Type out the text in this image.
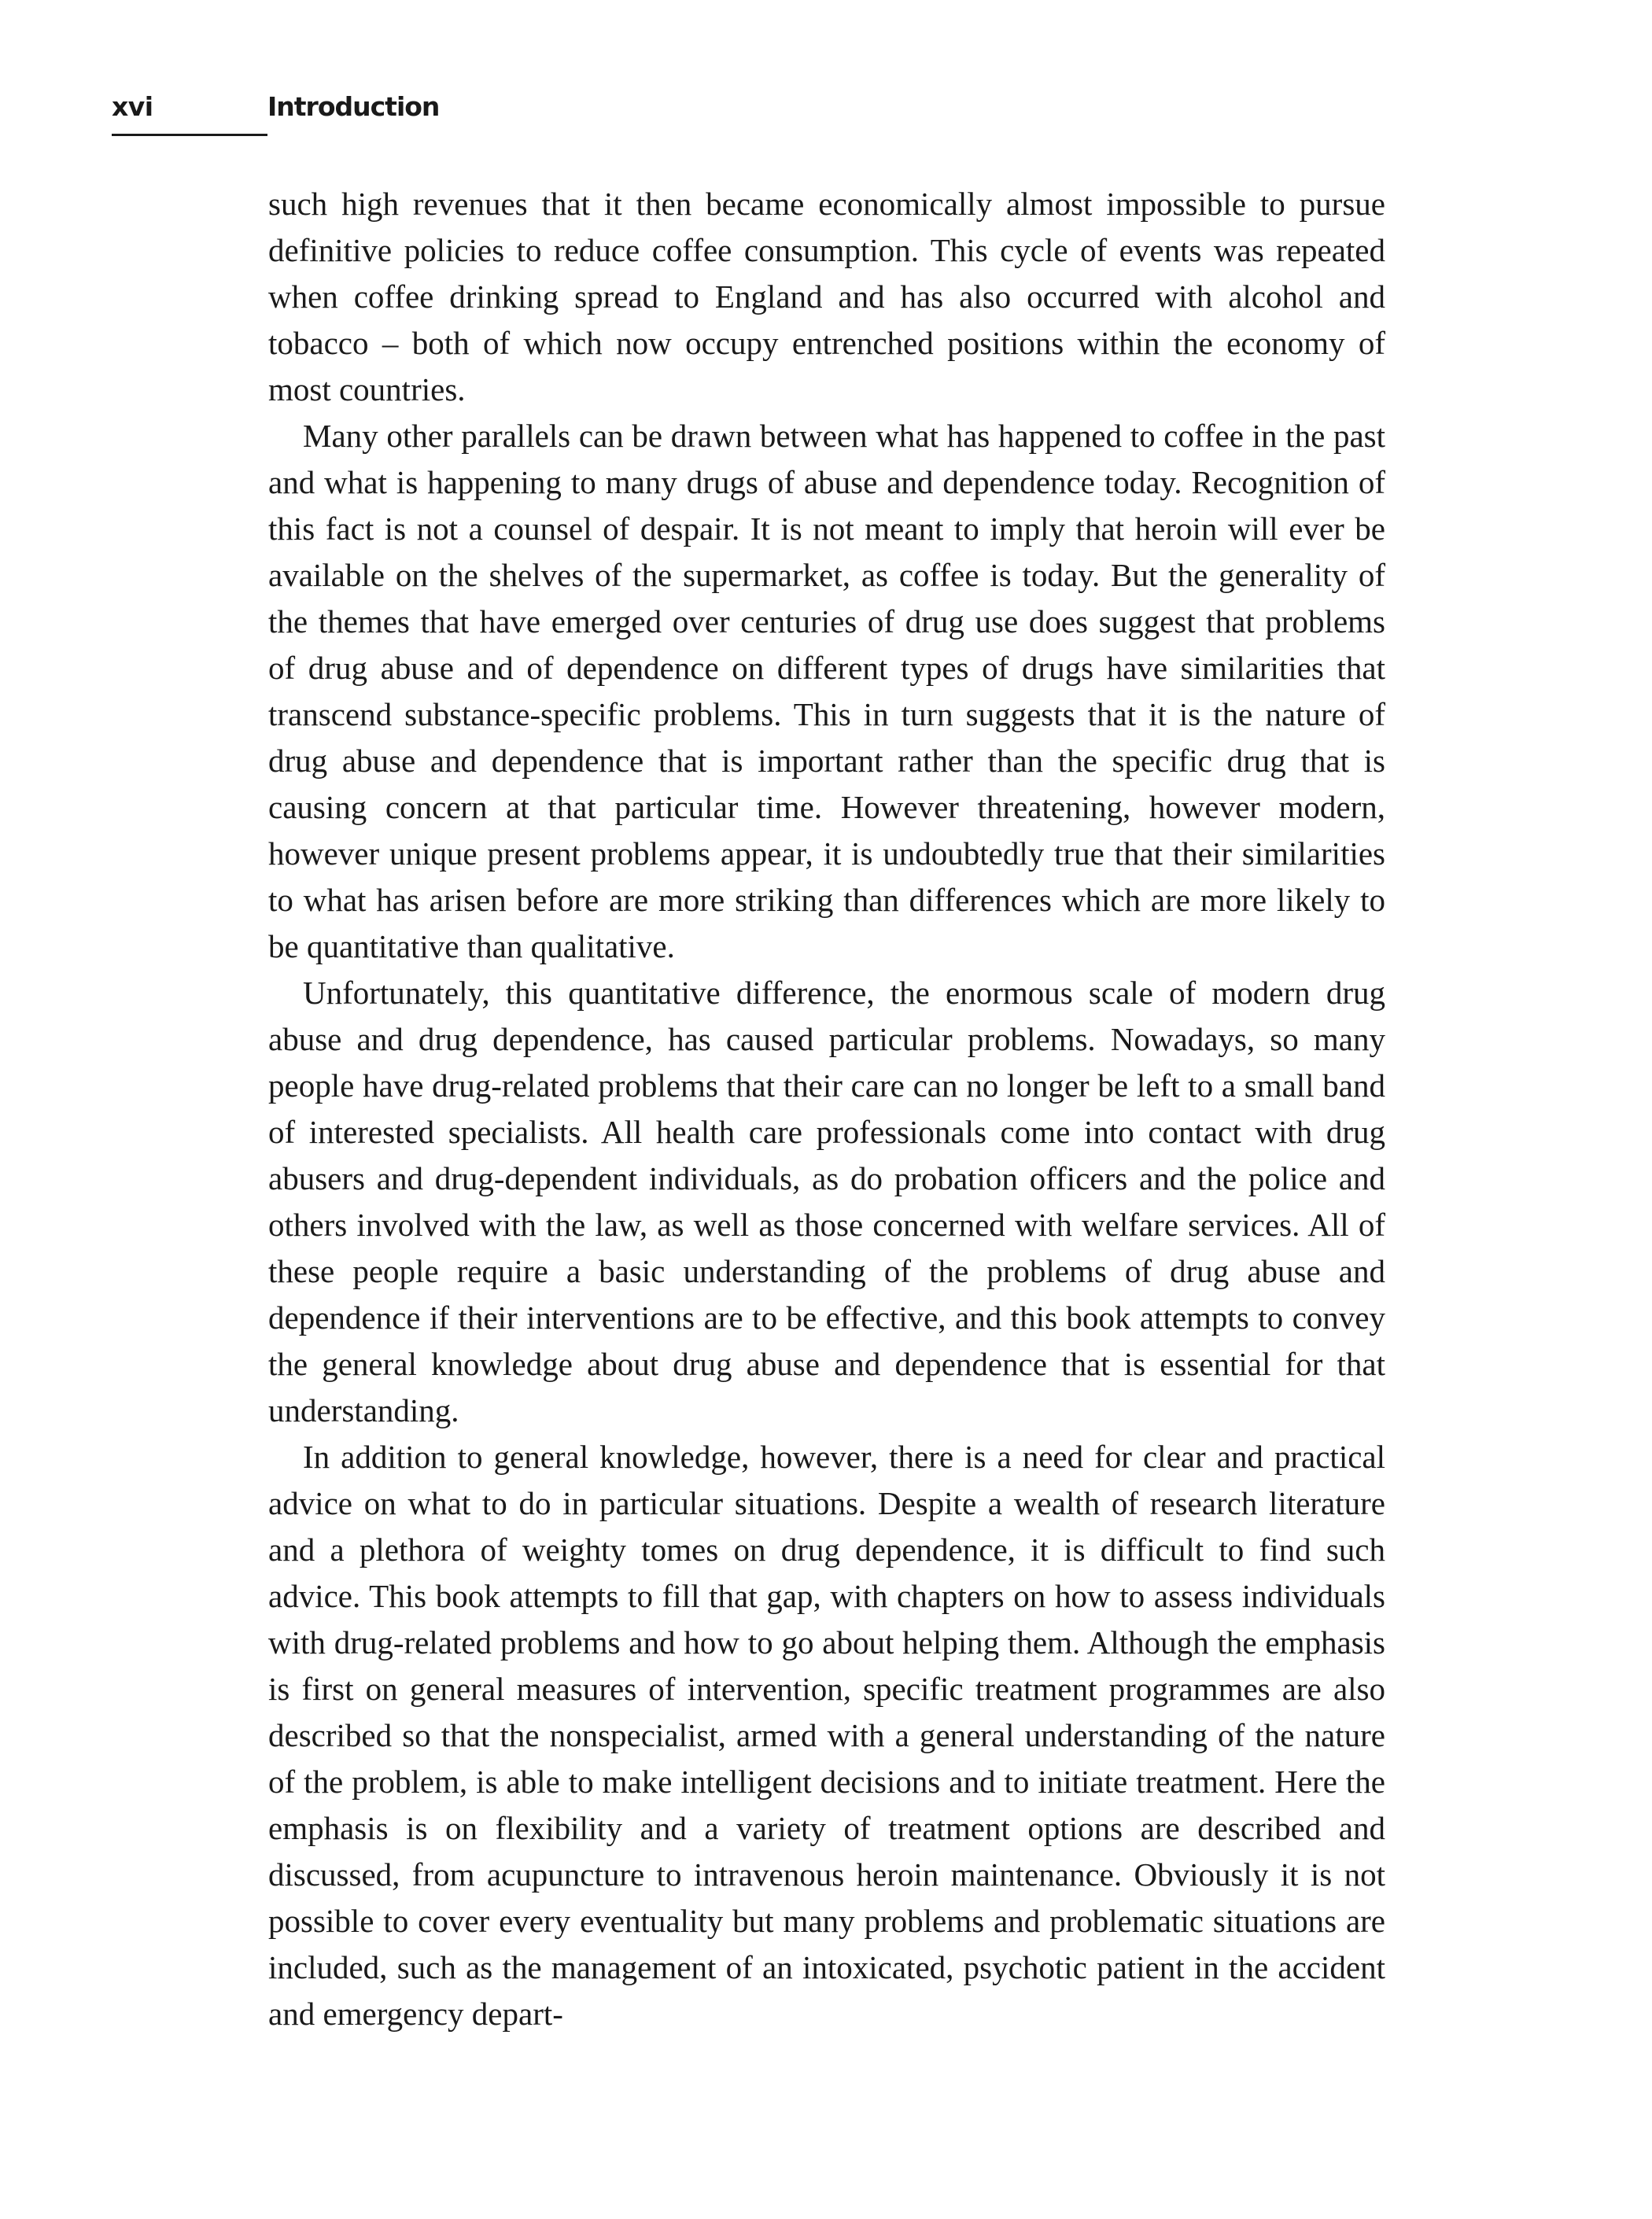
xvi	Introduction

such high revenues that it then became economically almost impossible to pursue definitive policies to reduce coffee consumption. This cycle of events was repeated when coffee drinking spread to England and has also occurred with alcohol and tobacco – both of which now occupy entrenched positions within the economy of most countries.

Many other parallels can be drawn between what has happened to coffee in the past and what is happening to many drugs of abuse and dependence today. Recognition of this fact is not a counsel of despair. It is not meant to imply that heroin will ever be available on the shelves of the supermarket, as coffee is today. But the generality of the themes that have emerged over centuries of drug use does suggest that problems of drug abuse and of dependence on different types of drugs have similarities that transcend substance-specific problems. This in turn suggests that it is the nature of drug abuse and dependence that is important rather than the specific drug that is causing concern at that particular time. However threatening, however modern, however unique present problems appear, it is undoubtedly true that their similarities to what has arisen before are more striking than differences which are more likely to be quantitative than qualitative.

Unfortunately, this quantitative difference, the enormous scale of modern drug abuse and drug dependence, has caused particular problems. Nowadays, so many people have drug-related problems that their care can no longer be left to a small band of interested specialists. All health care professionals come into contact with drug abusers and drug-dependent individuals, as do probation officers and the police and others involved with the law, as well as those concerned with welfare services. All of these people require a basic understanding of the problems of drug abuse and dependence if their interventions are to be effective, and this book attempts to convey the general knowledge about drug abuse and dependence that is essential for that understanding.

In addition to general knowledge, however, there is a need for clear and practical advice on what to do in particular situations. Despite a wealth of research literature and a plethora of weighty tomes on drug dependence, it is difficult to find such advice. This book attempts to fill that gap, with chapters on how to assess individuals with drug-related problems and how to go about helping them. Although the emphasis is first on general measures of intervention, specific treatment programmes are also described so that the nonspecialist, armed with a general understanding of the nature of the problem, is able to make intelligent decisions and to initiate treatment. Here the emphasis is on flexibility and a variety of treatment options are described and discussed, from acupuncture to intravenous heroin maintenance. Obviously it is not possible to cover every eventuality but many problems and problematic situations are included, such as the management of an intoxicated, psychotic patient in the accident and emergency depart-
